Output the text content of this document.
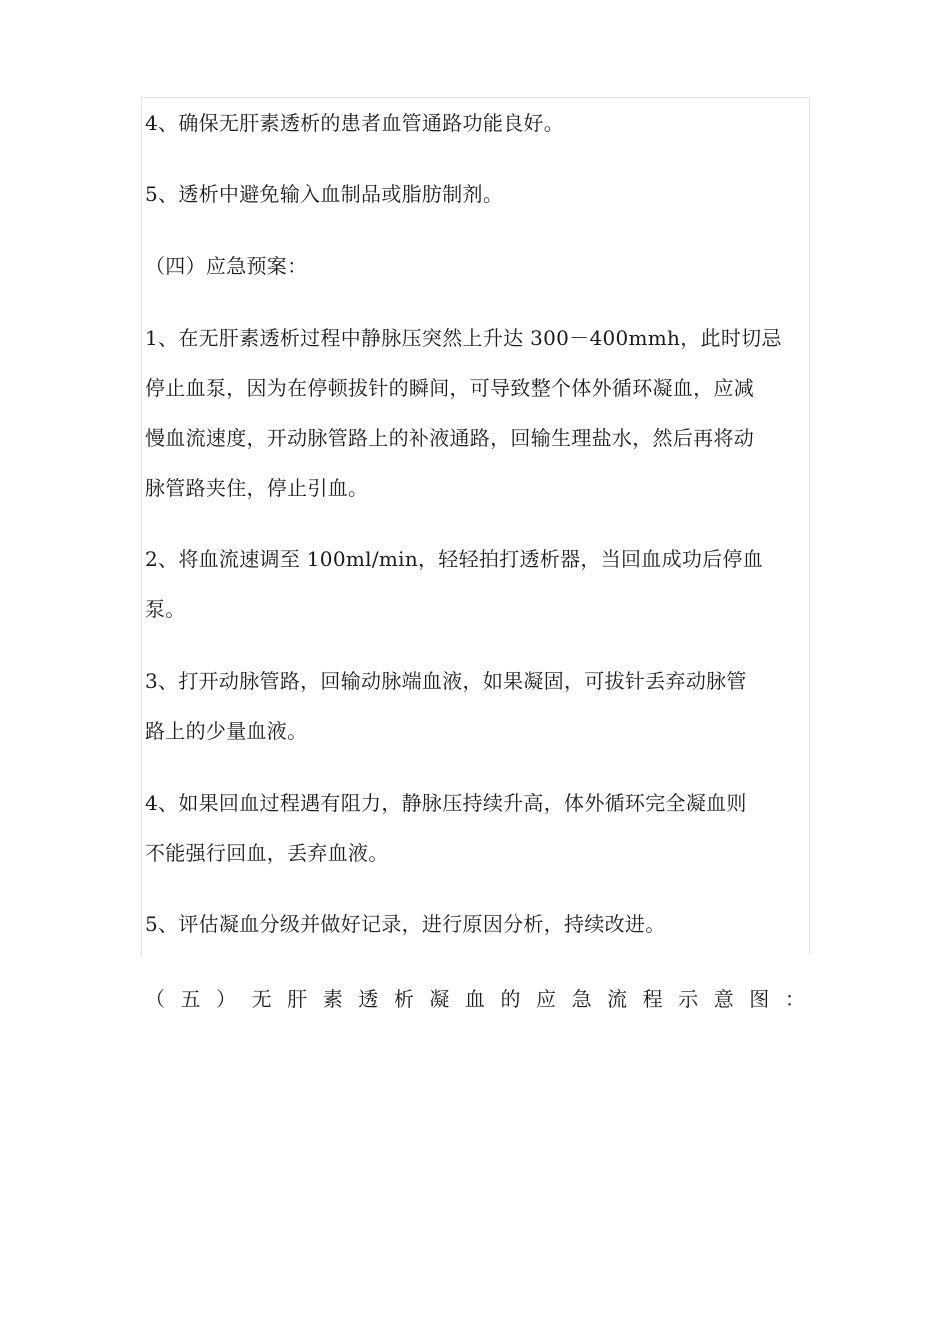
4、确保无肝素透析的患者血管通路功能良好。
5、透析中避免输入血制品或脂肪制剂。
（四）应急预案：
1、在无肝素透析过程中静脉压突然上升达 300－400mmh，此时切忌
停止血泵，因为在停顿拔针的瞬间，可导致整个体外循环凝血，应减
慢血流速度，开动脉管路上的补液通路，回输生理盐水，然后再将动
脉管路夹住，停止引血。
2、将血流速调至 100ml/min，轻轻拍打透析器，当回血成功后停血
泵。
3、打开动脉管路，回输动脉端血液，如果凝固，可拔针丢弃动脉管
路上的少量血液。
4、如果回血过程遇有阻力，静脉压持续升高，体外循环完全凝血则
不能强行回血，丢弃血液。
5、评估凝血分级并做好记录，进行原因分析，持续改进。
（ 五 ） 无 肝 素 透 析 凝 血 的 应 急 流 程 示 意 图 ：
